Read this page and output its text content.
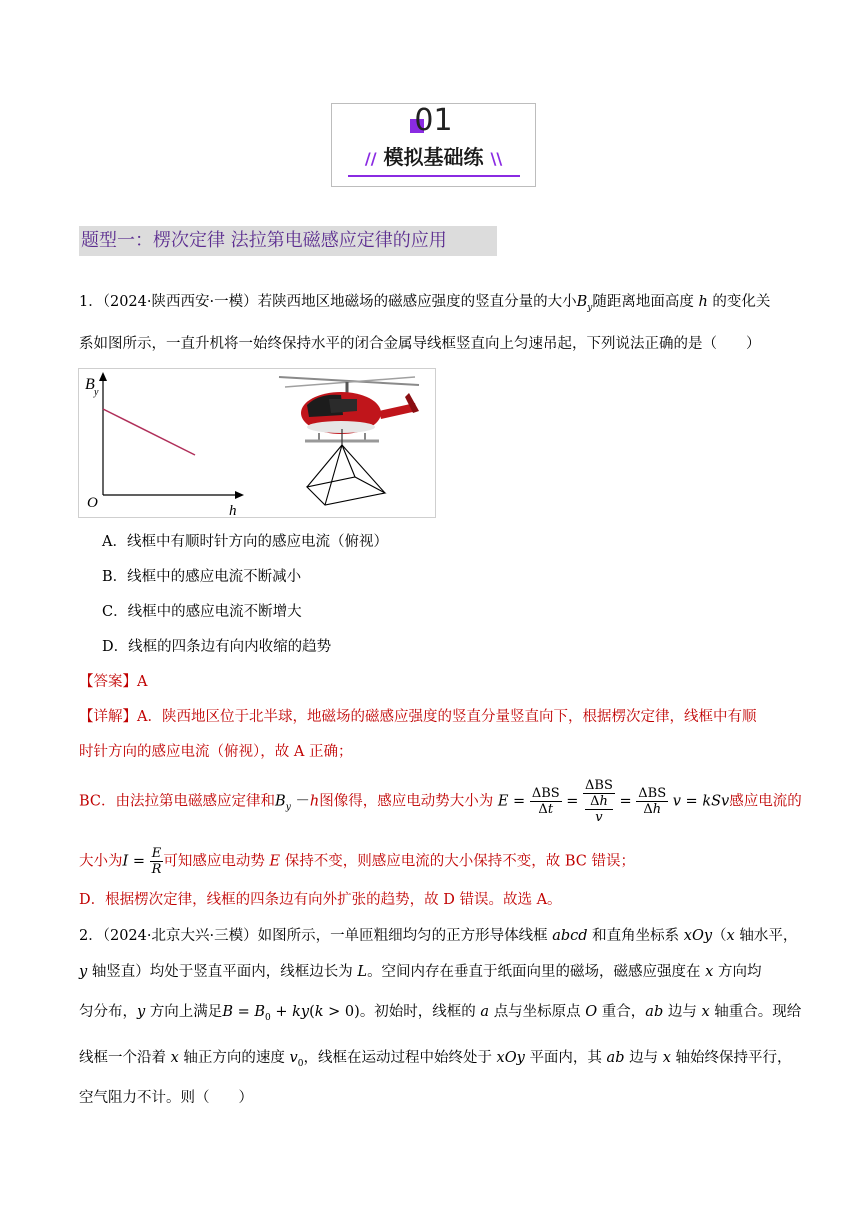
01
// 模拟基础练 \\
题型一：楞次定律 法拉第电磁感应定律的应用
1．（2024·陕西西安·一模）若陕西地区地磁场的磁感应强度的竖直分量的大小$B_y$随距离地面高度 h 的变化关
系如图所示，一直升机将一始终保持水平的闭合金属导线框竖直向上匀速吊起，下列说法正确的是（　　）
B y
O	h
A．线框中有顺时针方向的感应电流（俯视）
B．线框中的感应电流不断减小
C．线框中的感应电流不断增大
D．线框的四条边有向内收缩的趋势
【答案】A
【详解】A．陕西地区位于北半球，地磁场的磁感应强度的竖直分量竖直向下，根据楞次定律，线框中有顺
时针方向的感应电流（俯视），故 A 正确；
BC．由法拉第电磁感应定律和$B_y -h$图像得，感应电动势大小为 $E = \frac{\text{ΔBS}}{\Delta t} = \Delta BS$
Δh
$v = \frac{\text{ΔBS}}{\Delta h}$ v = kSv感应电流的
大小为$I = \frac{E}{R}$ 可知感应电动势 E 保持不变，则感应电流的大小保持不变，故 BC 错误；
D．根据楞次定律，线框的四条边有向外扩张的趋势，故 D 错误。故选 A。
2．（2024·北京大兴·三模）如图所示，一单匝粗细均匀的正方形导体线框 abcd 和直角坐标系 xOy（x 轴水平，
y 轴竖直）均处于竖直平面内，线框边长为 L。空间内存在垂直于纸面向里的磁场，磁感应强度在 x 方向均
匀分布，y 方向上满足$B = B_0 + ky(k > 0)$。初始时，线框的 a 点与坐标原点 O 重合，ab 边与 x 轴重合。现给
线框一个沿着 x 轴正方向的速度 $v_0$，线框在运动过程中始终处于 xOy 平面内，其 ab 边与 x 轴始终保持平行，
空气阻力不计。则（　　）
